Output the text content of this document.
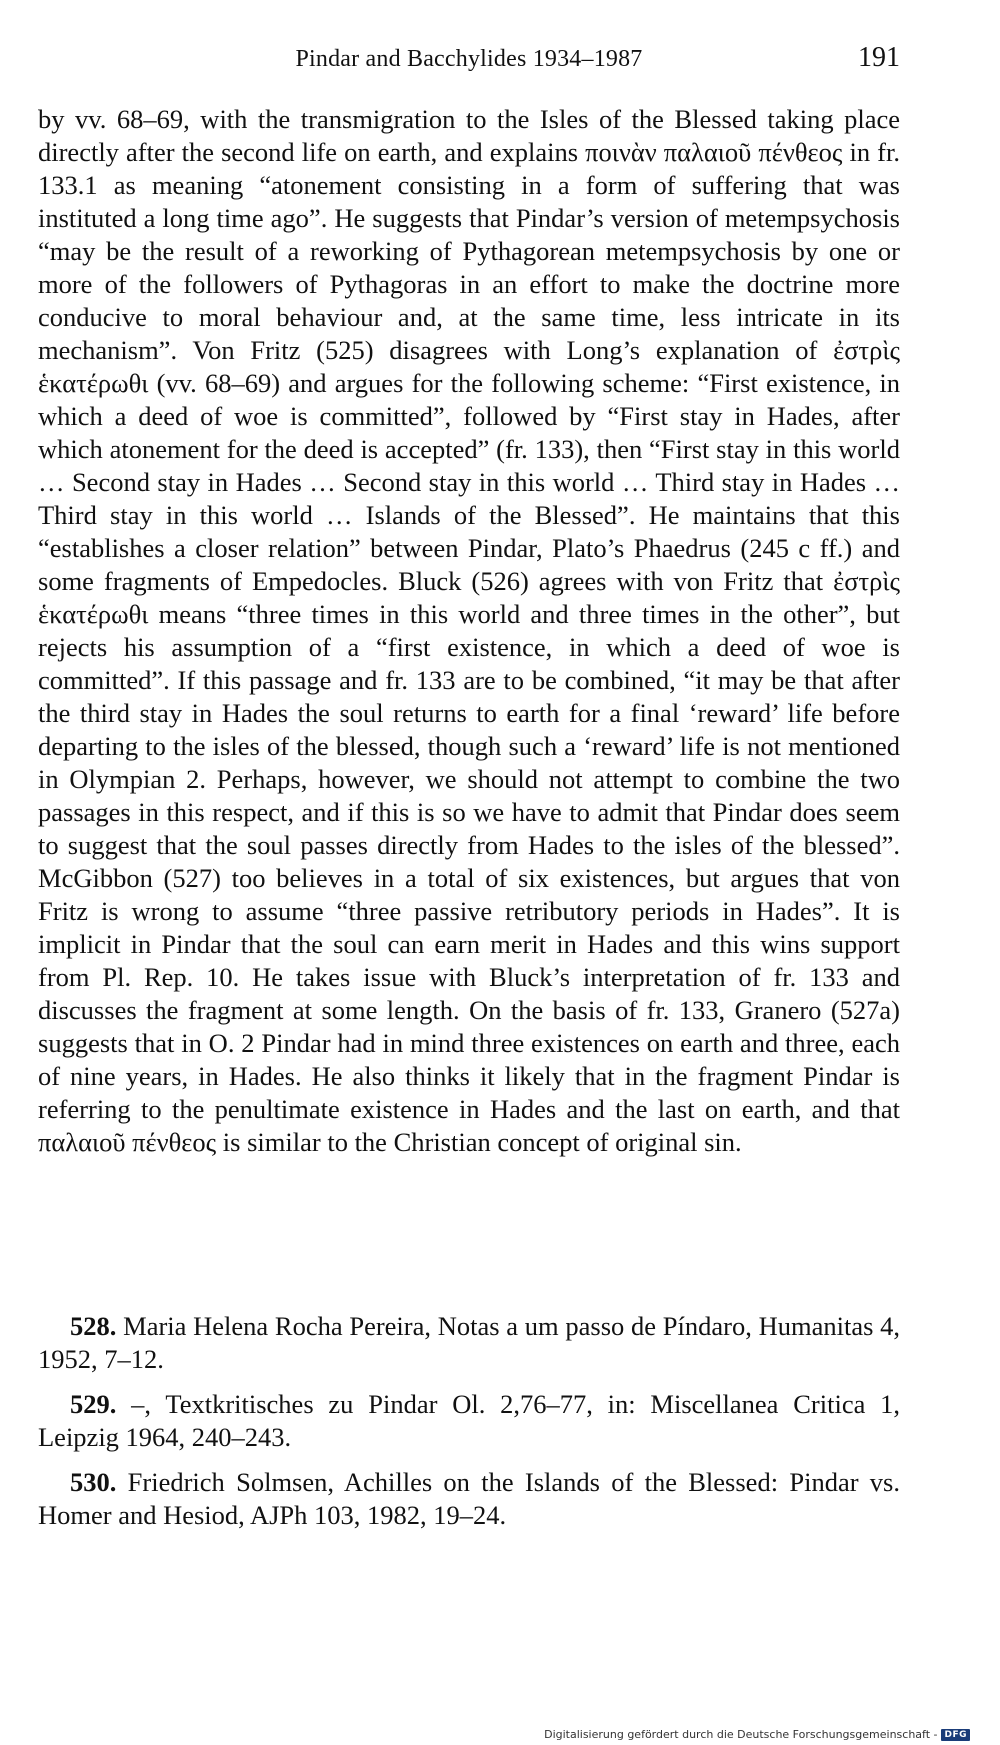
Pindar and Bacchylides 1934–1987	191

by vv. 68–69, with the transmigration to the Isles of the Blessed taking place directly after the second life on earth, and explains ποινὰν παλαιοῦ πένθεος in fr. 133.1 as meaning “atonement consisting in a form of suffering that was instituted a long time ago”. He suggests that Pindar’s version of metempsychosis “may be the result of a reworking of Pythagorean metempsychosis by one or more of the followers of Pythagoras in an effort to make the doctrine more conducive to moral behaviour and, at the same time, less intricate in its mechanism”. Von Fritz (525) disagrees with Long’s explanation of ἐστρὶς ἑκατέρωθι (vv. 68–69) and argues for the following scheme: “First existence, in which a deed of woe is committed”, followed by “First stay in Hades, after which atonement for the deed is accepted” (fr. 133), then “First stay in this world … Second stay in Hades … Second stay in this world … Third stay in Hades … Third stay in this world … Islands of the Blessed”. He maintains that this “establishes a closer relation” between Pindar, Plato’s Phaedrus (245 c ff.) and some fragments of Empedocles. Bluck (526) agrees with von Fritz that ἐστρὶς ἑκατέρωθι means “three times in this world and three times in the other”, but rejects his assumption of a “first existence, in which a deed of woe is committed”. If this passage and fr. 133 are to be combined, “it may be that after the third stay in Hades the soul returns to earth for a final ‘reward’ life before departing to the isles of the blessed, though such a ‘reward’ life is not mentioned in Olympian 2. Perhaps, however, we should not attempt to combine the two passages in this respect, and if this is so we have to admit that Pindar does seem to suggest that the soul passes directly from Hades to the isles of the blessed”. McGibbon (527) too believes in a total of six existences, but argues that von Fritz is wrong to assume “three passive retributory periods in Hades”. It is implicit in Pindar that the soul can earn merit in Hades and this wins support from Pl. Rep. 10. He takes issue with Bluck’s interpretation of fr. 133 and discusses the fragment at some length. On the basis of fr. 133, Granero (527a) suggests that in O. 2 Pindar had in mind three existences on earth and three, each of nine years, in Hades. He also thinks it likely that in the fragment Pindar is referring to the penultimate existence in Hades and the last on earth, and that παλαιοῦ πένθεος is similar to the Christian concept of original sin.

528. Maria Helena Rocha Pereira, Notas a um passo de Píndaro, Humanitas 4, 1952, 7–12.

529. –, Textkritisches zu Pindar Ol. 2,76–77, in: Miscellanea Critica 1, Leipzig 1964, 240–243.

530. Friedrich Solmsen, Achilles on the Islands of the Blessed: Pindar vs. Homer and Hesiod, AJPh 103, 1982, 19–24.

Digitalisierung gefördert durch die Deutsche Forschungsgemeinschaft - DFG
